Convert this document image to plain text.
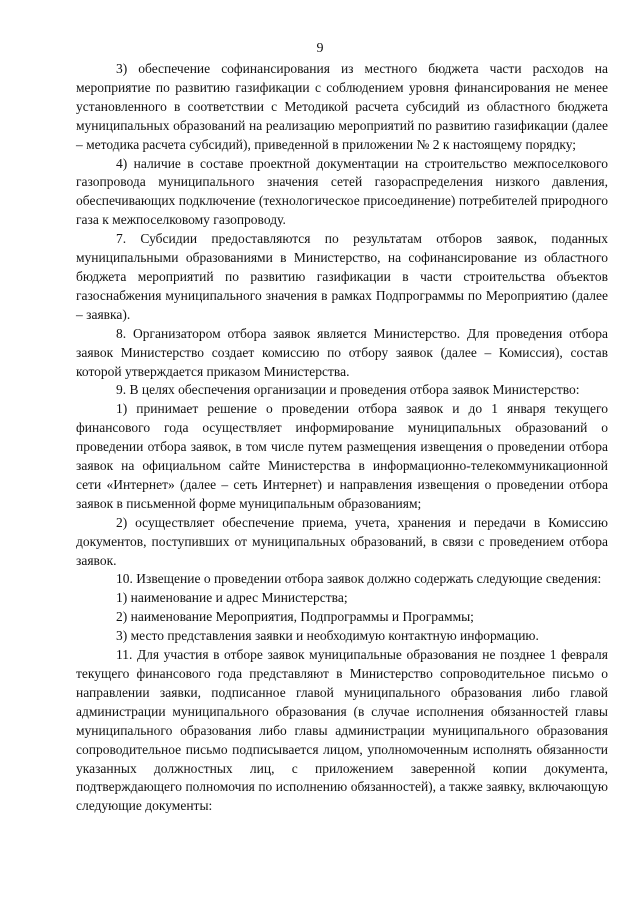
9

3) обеспечение софинансирования из местного бюджета части расходов на мероприятие по развитию газификации с соблюдением уровня финансирования не менее установленного в соответствии с Методикой расчета субсидий из областного бюджета муниципальных образований на реализацию мероприятий по развитию газификации (далее – методика расчета субсидий), приведенной в приложении № 2 к настоящему порядку;

4) наличие в составе проектной документации на строительство межпоселкового газопровода муниципального значения сетей газораспределения низкого давления, обеспечивающих подключение (технологическое присоединение) потребителей природного газа к межпоселковому газопроводу.

7. Субсидии предоставляются по результатам отборов заявок, поданных муниципальными образованиями в Министерство, на софинансирование из областного бюджета мероприятий по развитию газификации в части строительства объектов газоснабжения муниципального значения в рамках Подпрограммы по Мероприятию (далее – заявка).

8. Организатором отбора заявок является Министерство. Для проведения отбора заявок Министерство создает комиссию по отбору заявок (далее – Комиссия), состав которой утверждается приказом Министерства.

9. В целях обеспечения организации и проведения отбора заявок Министерство:

1) принимает решение о проведении отбора заявок и до 1 января текущего финансового года осуществляет информирование муниципальных образований о проведении отбора заявок, в том числе путем размещения извещения о проведении отбора заявок на официальном сайте Министерства в информационно-телекоммуникационной сети «Интернет» (далее – сеть Интернет) и направления извещения о проведении отбора заявок в письменной форме муниципальным образованиям;

2) осуществляет обеспечение приема, учета, хранения и передачи в Комиссию документов, поступивших от муниципальных образований, в связи с проведением отбора заявок.

10. Извещение о проведении отбора заявок должно содержать следующие сведения:

1) наименование и адрес Министерства;

2) наименование Мероприятия, Подпрограммы и Программы;

3) место представления заявки и необходимую контактную информацию.

11. Для участия в отборе заявок муниципальные образования не позднее 1 февраля текущего финансового года представляют в Министерство сопроводительное письмо о направлении заявки, подписанное главой муниципального образования либо главой администрации муниципального образования (в случае исполнения обязанностей главы муниципального образования либо главы администрации муниципального образования сопроводительное письмо подписывается лицом, уполномоченным исполнять обязанности указанных должностных лиц, с приложением заверенной копии документа, подтверждающего полномочия по исполнению обязанностей), а также заявку, включающую следующие документы:
